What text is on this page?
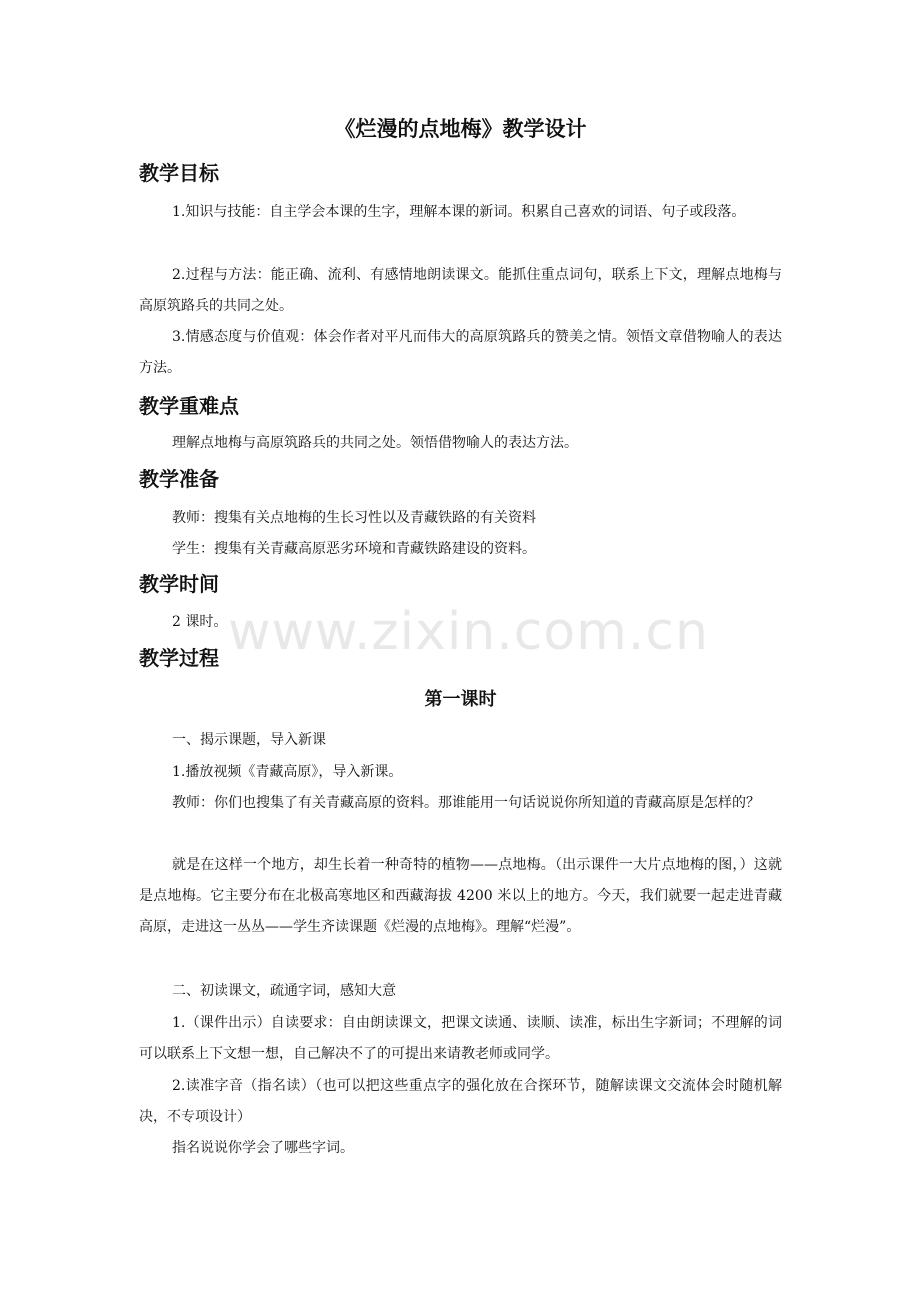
《烂漫的点地梅》教学设计
教学目标

1.知识与技能：自主学会本课的生字，理解本课的新词。积累自己喜欢的词语、句子或段落。

2.过程与方法：能正确、流利、有感情地朗读课文。能抓住重点词句，联系上下文，理解点地梅与高原筑路兵的共同之处。

3.情感态度与价值观：体会作者对平凡而伟大的高原筑路兵的赞美之情。领悟文章借物喻人的表达方法。

教学重难点

理解点地梅与高原筑路兵的共同之处。领悟借物喻人的表达方法。

教学准备

教师：搜集有关点地梅的生长习性以及青藏铁路的有关资料

学生：搜集有关青藏高原恶劣环境和青藏铁路建设的资料。

教学时间

2 课时。

教学过程
第一课时

一、揭示课题，导入新课

1.播放视频《青藏高原》，导入新课。

教师：你们也搜集了有关青藏高原的资料。那谁能用一句话说说你所知道的青藏高原是怎样的？

就是在这样一个地方，却生长着一种奇特的植物——点地梅。（出示课件一大片点地梅的图，）这就是点地梅。它主要分布在北极高寒地区和西藏海拔 4200 米以上的地方。今天，我们就要一起走进青藏高原，走进这一丛丛——学生齐读课题《烂漫的点地梅》。理解“烂漫”。

二、初读课文，疏通字词，感知大意

1.（课件出示）自读要求：自由朗读课文，把课文读通、读顺、读准，标出生字新词；不理解的词可以联系上下文想一想，自己解决不了的可提出来请教老师或同学。

2.读准字音（指名读）（也可以把这些重点字的强化放在合探环节，随解读课文交流体会时随机解决，不专项设计）

指名说说你学会了哪些字词。

www.zixin.com.cn
